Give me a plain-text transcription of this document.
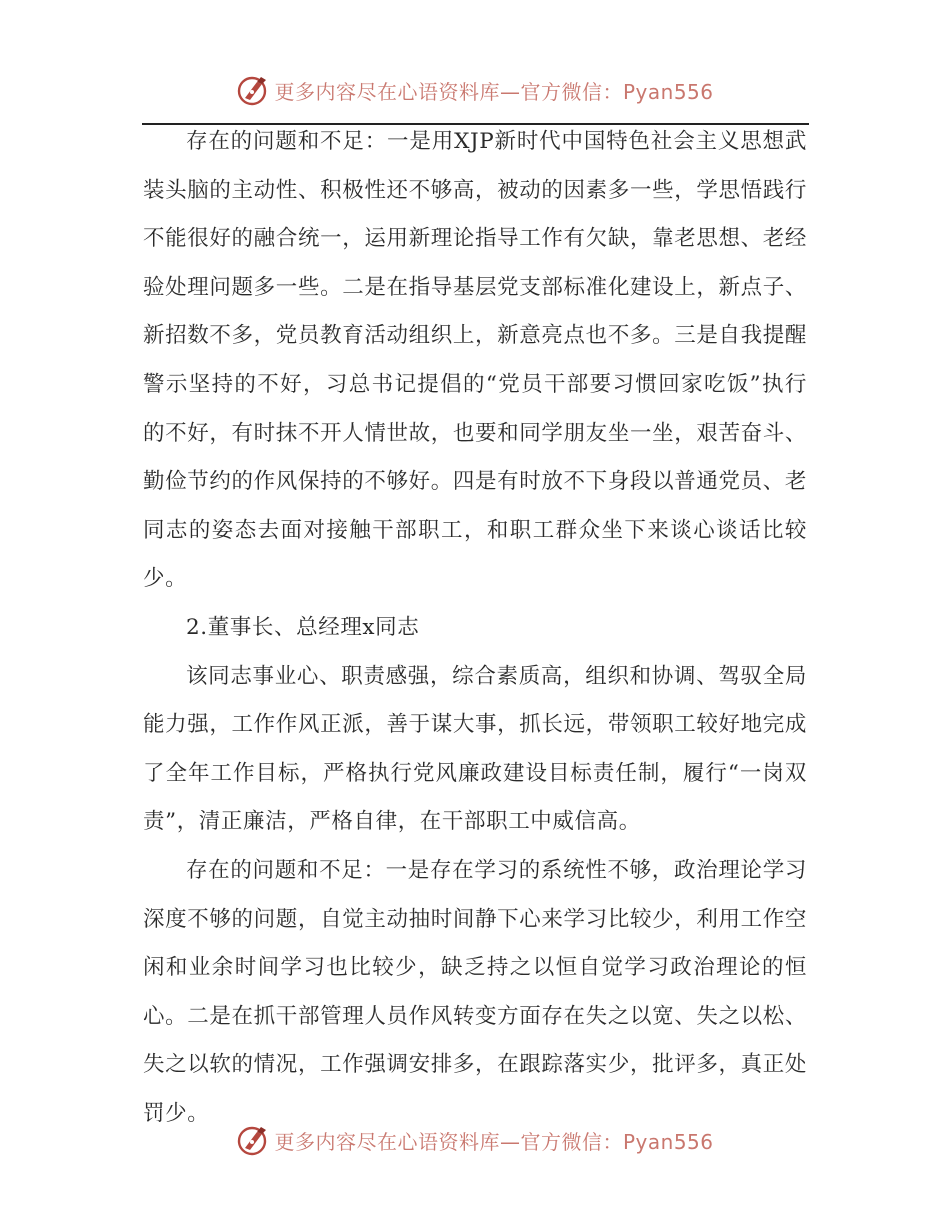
更多内容尽在心语资料库—官方微信：Pyan556

存在的问题和不足：一是用XJP新时代中国特色社会主义思想武装头脑的主动性、积极性还不够高，被动的因素多一些，学思悟践行不能很好的融合统一，运用新理论指导工作有欠缺，靠老思想、老经验处理问题多一些。二是在指导基层党支部标准化建设上，新点子、新招数不多，党员教育活动组织上，新意亮点也不多。三是自我提醒警示坚持的不好，习总书记提倡的“党员干部要习惯回家吃饭”执行的不好，有时抹不开人情世故，也要和同学朋友坐一坐，艰苦奋斗、勤俭节约的作风保持的不够好。四是有时放不下身段以普通党员、老同志的姿态去面对接触干部职工，和职工群众坐下来谈心谈话比较少。

2.董事长、总经理x同志

该同志事业心、职责感强，综合素质高，组织和协调、驾驭全局能力强，工作作风正派，善于谋大事，抓长远，带领职工较好地完成了全年工作目标，严格执行党风廉政建设目标责任制，履行“一岗双责”，清正廉洁，严格自律，在干部职工中威信高。

存在的问题和不足：一是存在学习的系统性不够，政治理论学习深度不够的问题，自觉主动抽时间静下心来学习比较少，利用工作空闲和业余时间学习也比较少，缺乏持之以恒自觉学习政治理论的恒心。二是在抓干部管理人员作风转变方面存在失之以宽、失之以松、失之以软的情况，工作强调安排多，在跟踪落实少，批评多，真正处罚少。

更多内容尽在心语资料库—官方微信：Pyan556
